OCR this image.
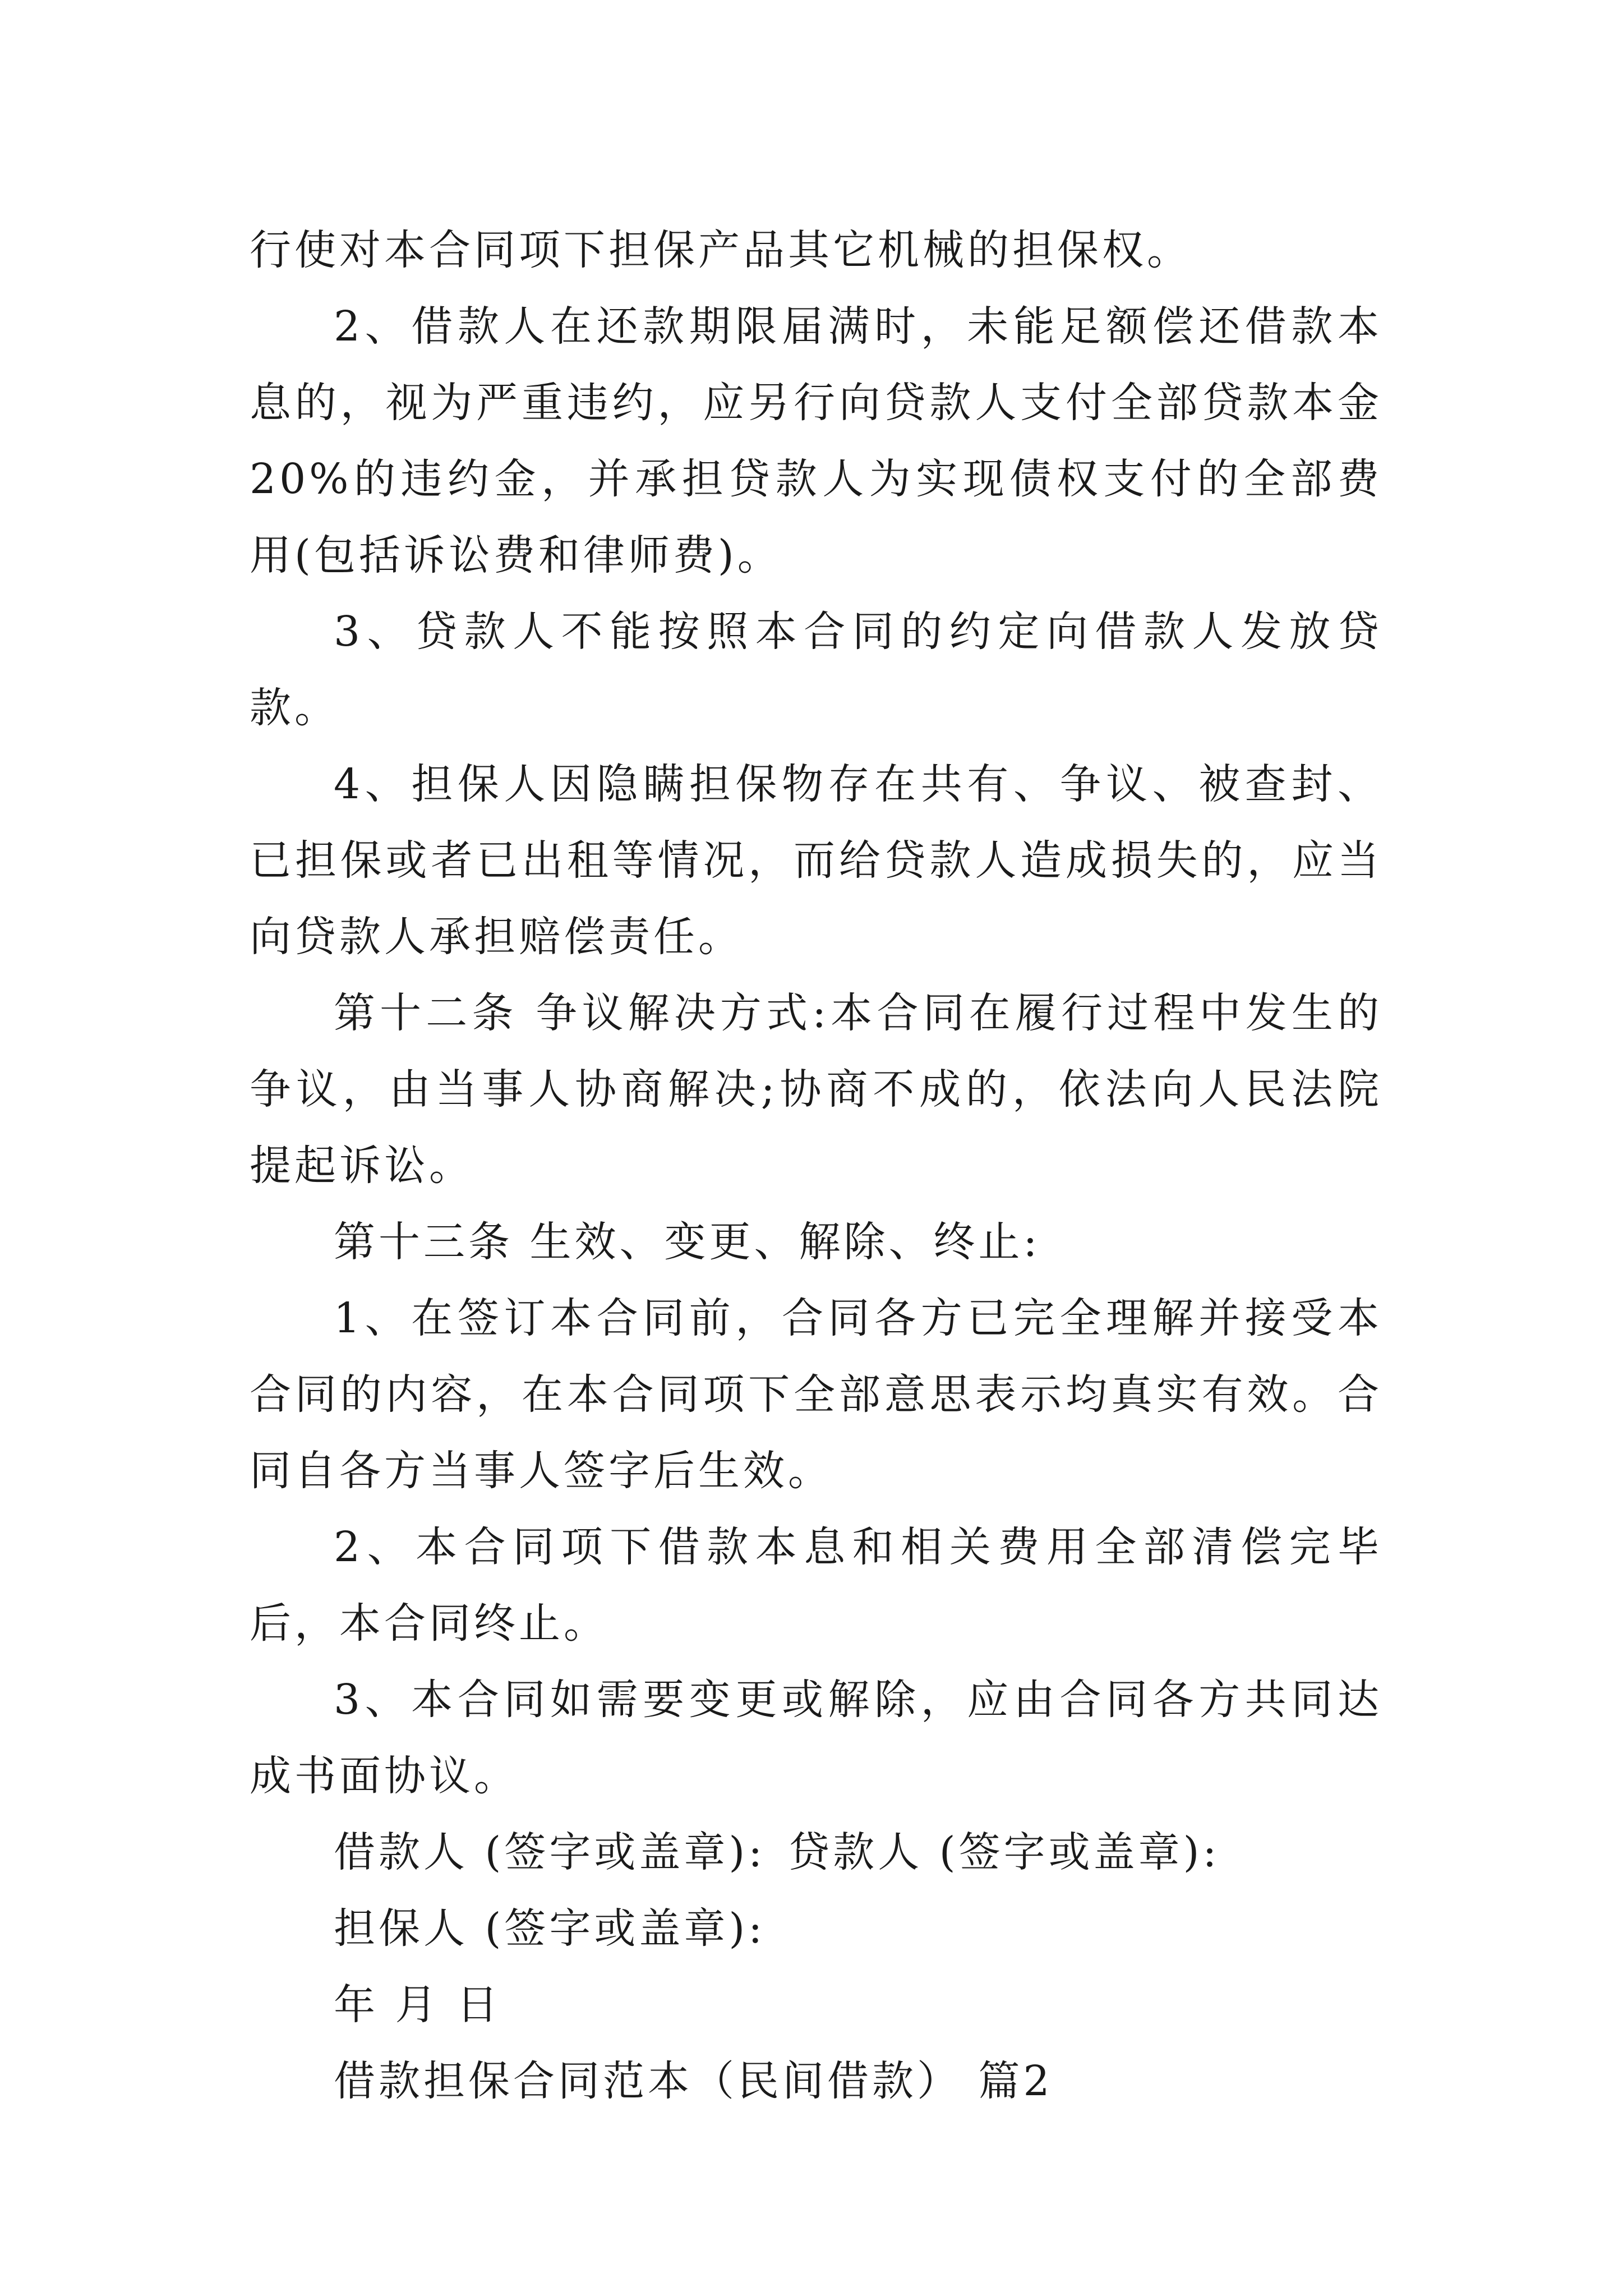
行使对本合同项下担保产品其它机械的担保权。

2、借款人在还款期限届满时，未能足额偿还借款本息的，视为严重违约，应另行向贷款人支付全部贷款本金 20%的违约金，并承担贷款人为实现债权支付的全部费用(包括诉讼费和律师费)。

3、贷款人不能按照本合同的约定向借款人发放贷款。

4、担保人因隐瞒担保物存在共有、争议、被查封、已担保或者已出租等情况，而给贷款人造成损失的，应当向贷款人承担赔偿责任。

第十二条 争议解决方式:本合同在履行过程中发生的争议，由当事人协商解决;协商不成的，依法向人民法院提起诉讼。

第十三条 生效、变更、解除、终止:

1、在签订本合同前，合同各方已完全理解并接受本合同的内容，在本合同项下全部意思表示均真实有效。合同自各方当事人签字后生效。

2、本合同项下借款本息和相关费用全部清偿完毕后，本合同终止。

3、本合同如需要变更或解除，应由合同各方共同达成书面协议。

借款人 (签字或盖章): 贷款人 (签字或盖章):

担保人 (签字或盖章):

年 月 日

借款担保合同范本（民间借款） 篇2
